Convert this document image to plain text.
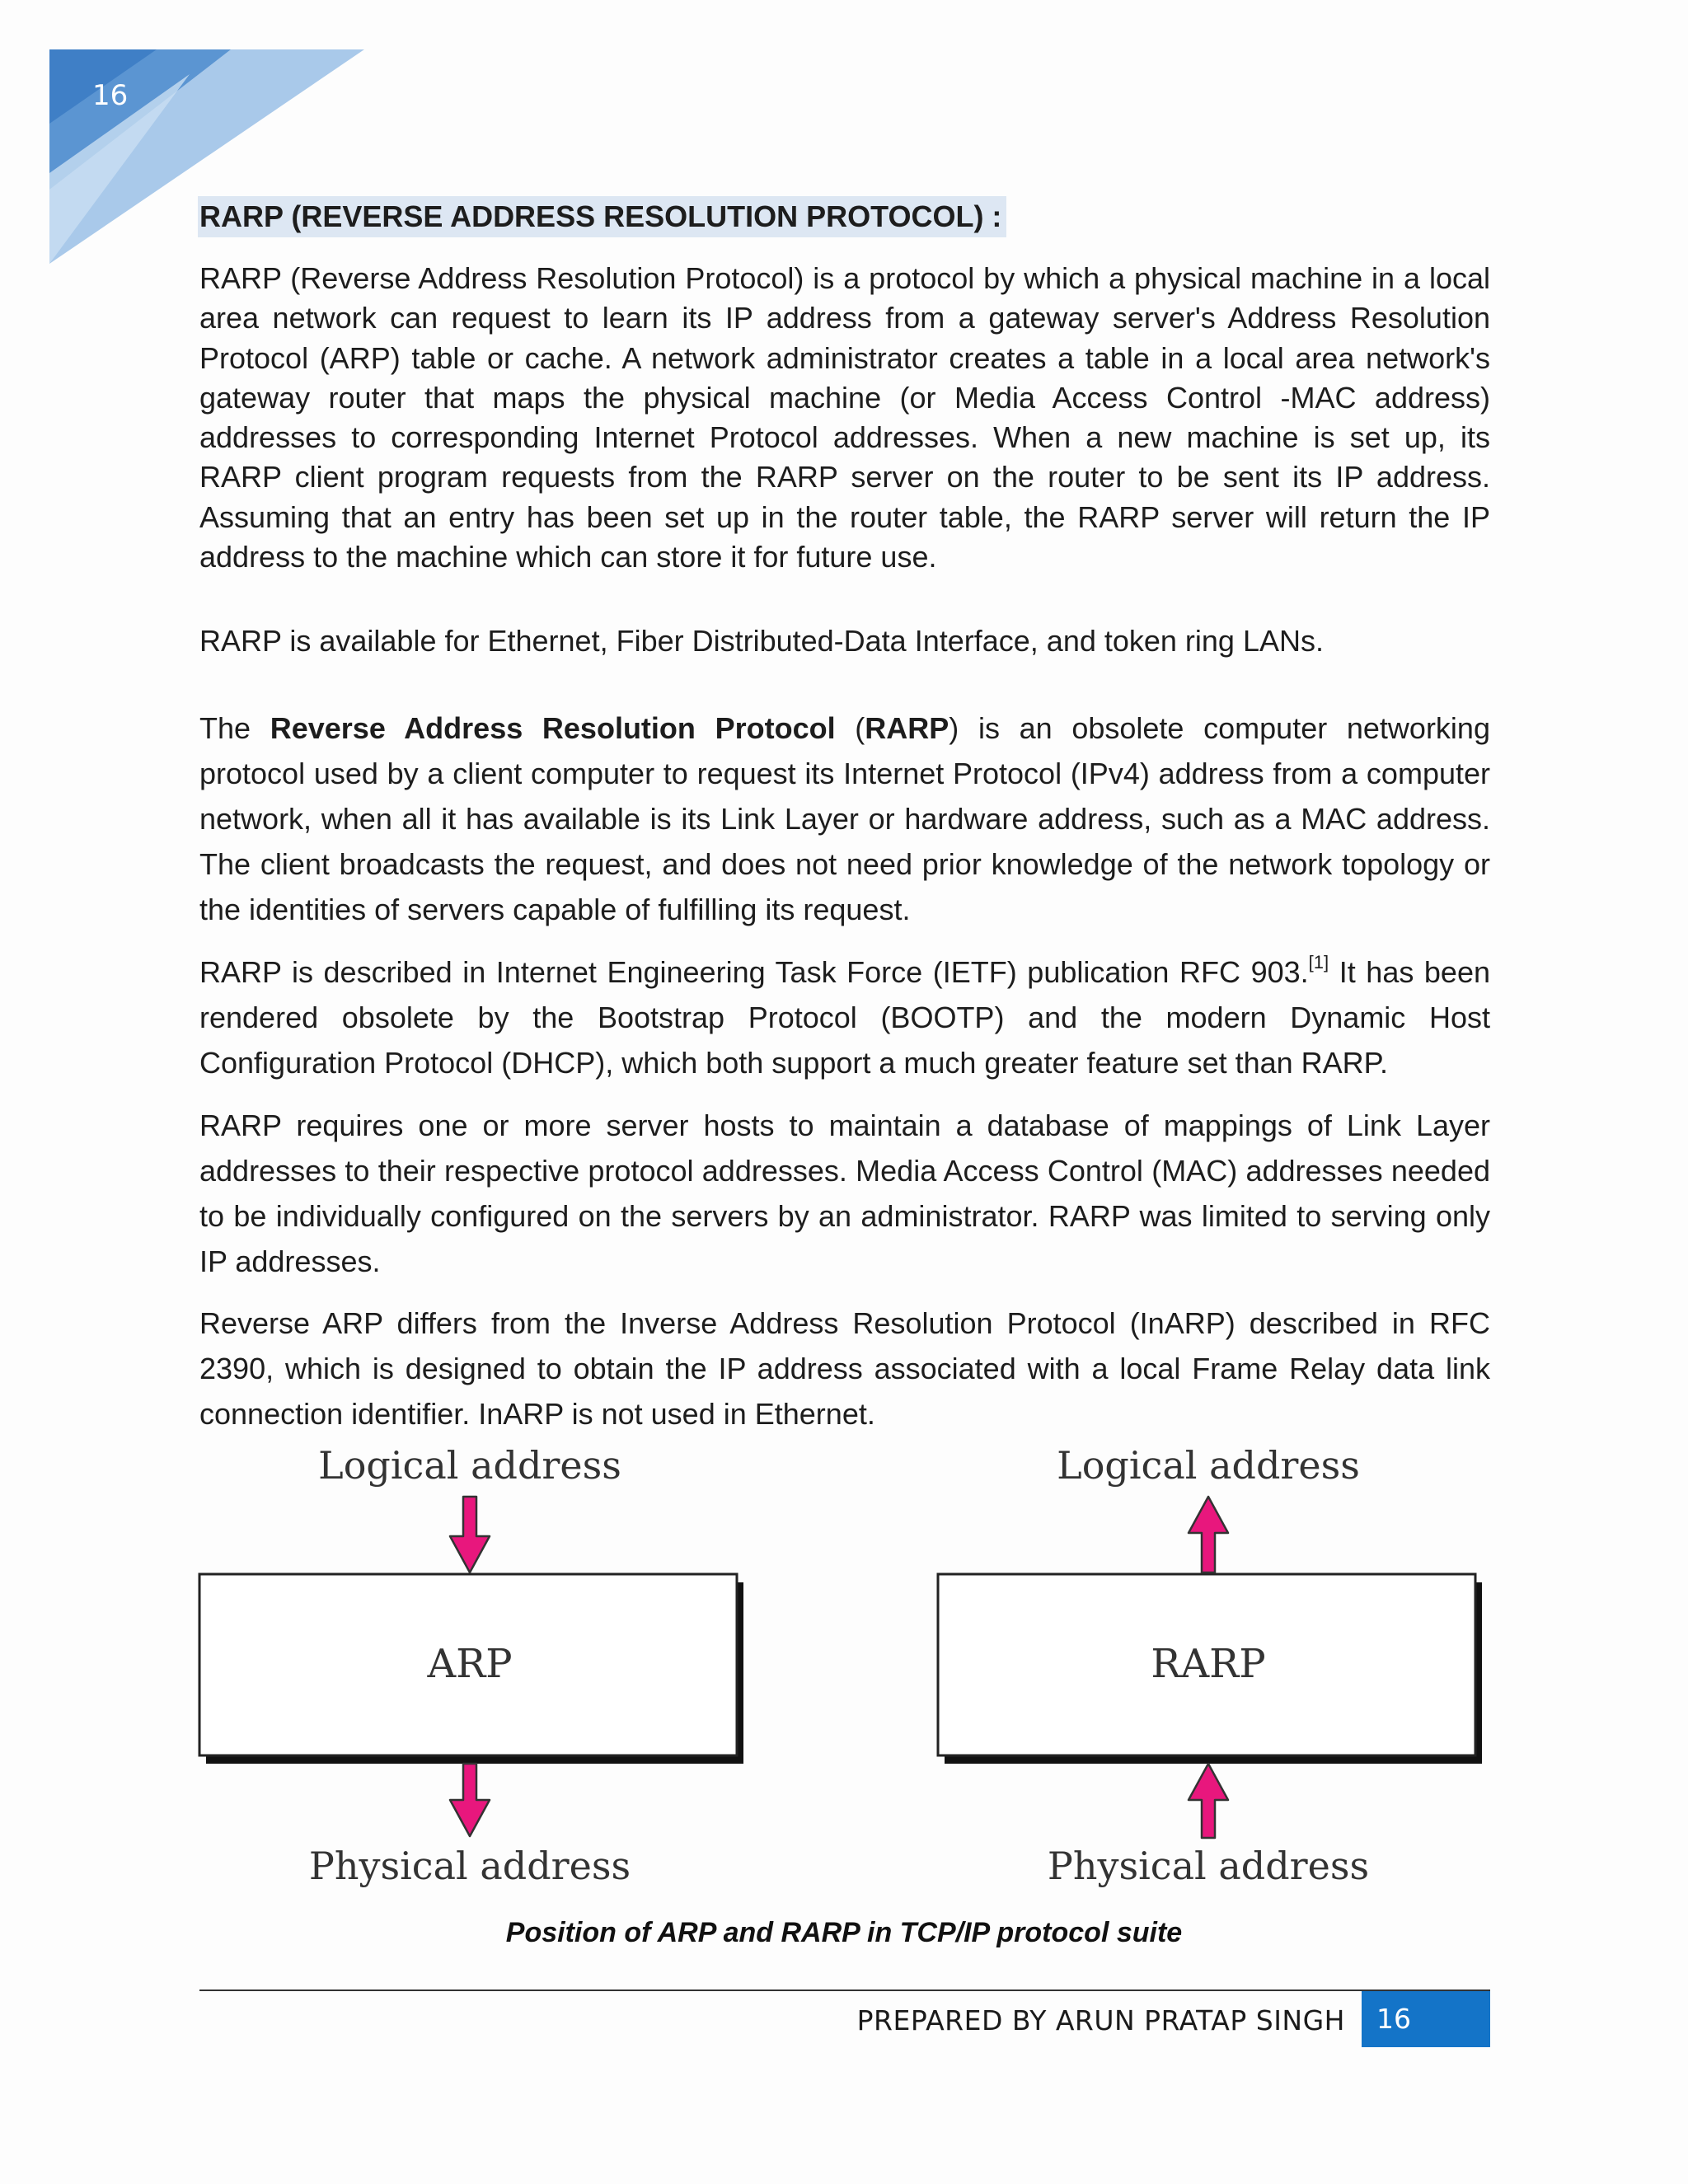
16
RARP (REVERSE ADDRESS RESOLUTION PROTOCOL) :

RARP (Reverse Address Resolution Protocol) is a protocol by which a physical machine in a local area network can request to learn its IP address from a gateway server's Address Resolution Protocol (ARP) table or cache. A network administrator creates a table in a local area network's gateway router that maps the physical machine (or Media Access Control -MAC address) addresses to corresponding Internet Protocol addresses. When a new machine is set up, its RARP client program requests from the RARP server on the router to be sent its IP address. Assuming that an entry has been set up in the router table, the RARP server will return the IP address to the machine which can store it for future use.

RARP is available for Ethernet, Fiber Distributed-Data Interface, and token ring LANs.

The Reverse Address Resolution Protocol (RARP) is an obsolete computer networking protocol used by a client computer to request its Internet Protocol (IPv4) address from a computer network, when all it has available is its Link Layer or hardware address, such as a MAC address. The client broadcasts the request, and does not need prior knowledge of the network topology or the identities of servers capable of fulfilling its request.

RARP is described in Internet Engineering Task Force (IETF) publication RFC 903.[1] It has been rendered obsolete by the Bootstrap Protocol (BOOTP) and the modern Dynamic Host Configuration Protocol (DHCP), which both support a much greater feature set than RARP.

RARP requires one or more server hosts to maintain a database of mappings of Link Layer addresses to their respective protocol addresses. Media Access Control (MAC) addresses needed to be individually configured on the servers by an administrator. RARP was limited to serving only IP addresses.

Reverse ARP differs from the Inverse Address Resolution Protocol (InARP) described in RFC 2390, which is designed to obtain the IP address associated with a local Frame Relay data link connection identifier. InARP is not used in Ethernet.

Logical address	Logical address
ARP	RARP
Physical address	Physical address
Position of ARP and RARP in TCP/IP protocol suite
PREPARED BY ARUN PRATAP SINGH	16
